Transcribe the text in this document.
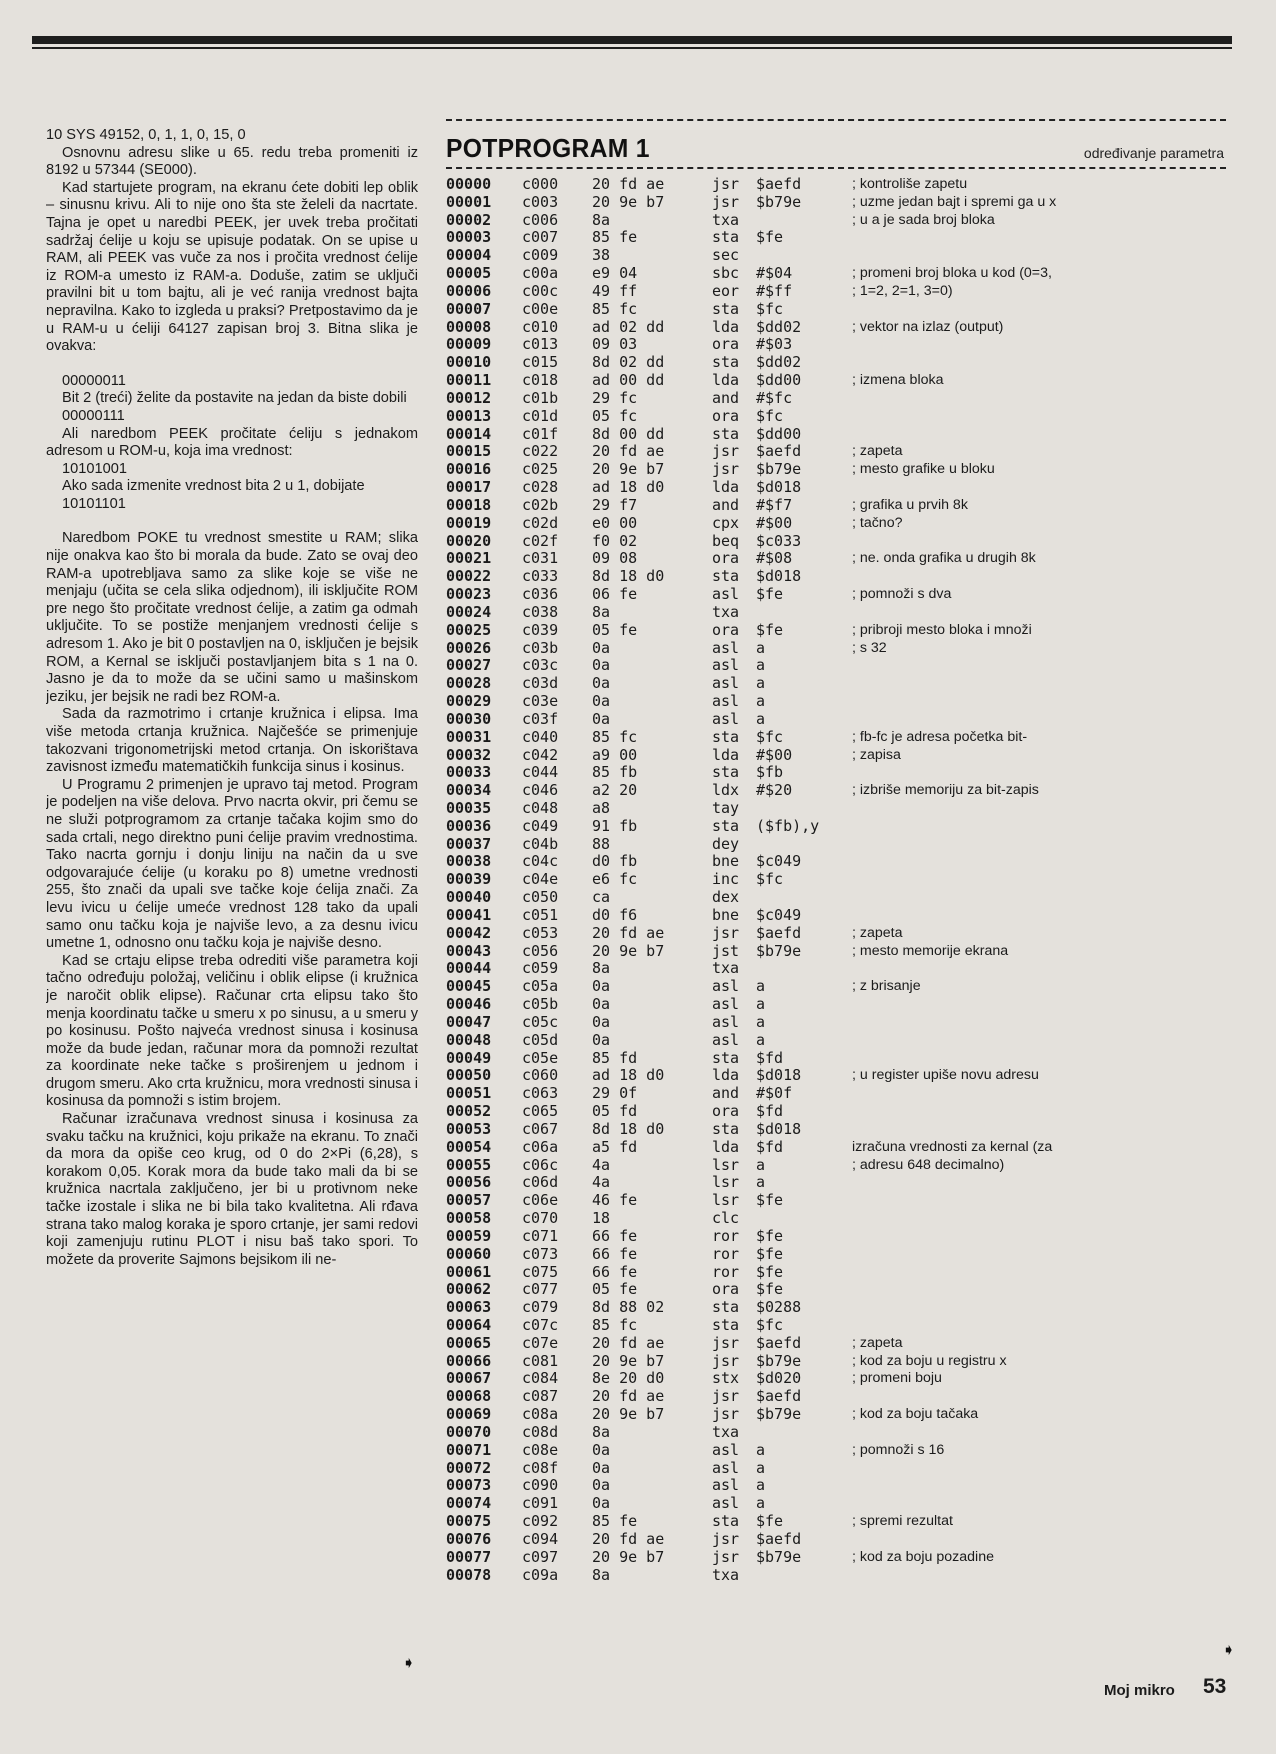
10 SYS 49152, 0, 1, 1, 0, 15, 0

Osnovnu adresu slike u 65. redu treba promeniti iz 8192 u 57344 (SE000).

Kad startujete program, na ekranu ćete dobiti lep oblik – sinusnu krivu. Ali to nije ono šta ste želeli da nacrtate. Tajna je opet u naredbi PEEK, jer uvek treba pročitati sadržaj ćelije u koju se upisuje podatak. On se upise u RAM, ali PEEK vas vuče za nos i pročita vrednost ćelije iz ROM-a umesto iz RAM-a. Doduše, zatim se uključi pravilni bit u tom bajtu, ali je već ranija vrednost bajta nepravilna. Kako to izgleda u praksi? Pretpostavimo da je u RAM-u u ćeliji 64127 zapisan broj 3. Bitna slika je ovakva:

00000011

Bit 2 (treći) želite da postavite na jedan da biste dobili

00000111

Ali naredbom PEEK pročitate ćeliju s jednakom adresom u ROM-u, koja ima vrednost:

10101001

Ako sada izmenite vrednost bita 2 u 1, dobijate

10101101

Naredbom POKE tu vrednost smestite u RAM; slika nije onakva kao što bi morala da bude. Zato se ovaj deo RAM-a upotrebljava samo za slike koje se više ne menjaju (učita se cela slika odjednom), ili isključite ROM pre nego što pročitate vrednost ćelije, a zatim ga odmah uključite. To se postiže menjanjem vrednosti ćelije s adresom 1. Ako je bit 0 postavljen na 0, isključen je bejsik ROM, a Kernal se isključi postavljanjem bita s 1 na 0. Jasno je da to može da se učini samo u mašinskom jeziku, jer bejsik ne radi bez ROM-a.

Sada da razmotrimo i crtanje kružnica i elipsa. Ima više metoda crtanja kružnica. Najčešće se primenjuje takozvani trigonometrijski metod crtanja. On iskorištava zavisnost između matematičkih funkcija sinus i kosinus.

U Programu 2 primenjen je upravo taj metod. Program je podeljen na više delova. Prvo nacrta okvir, pri čemu se ne služi potprogramom za crtanje tačaka kojim smo do sada crtali, nego direktno puni ćelije pravim vrednostima. Tako nacrta gornju i donju liniju na način da u sve odgovarajuće ćelije (u koraku po 8) umetne vrednosti 255, što znači da upali sve tačke koje ćelija znači. Za levu ivicu u ćelije umeće vrednost 128 tako da upali samo onu tačku koja je najviše levo, a za desnu ivicu umetne 1, odnosno onu tačku koja je najviše desno.

Kad se crtaju elipse treba odrediti više parametra koji tačno određuju položaj, veličinu i oblik elipse (i kružnica je naročit oblik elipse). Računar crta elipsu tako što menja koordinatu tačke u smeru x po sinusu, a u smeru y po kosinusu. Pošto najveća vrednost sinusa i kosinusa može da bude jedan, računar mora da pomnoži rezultat za koordinate neke tačke s proširenjem u jednom i drugom smeru. Ako crta kružnicu, mora vrednosti sinusa i kosinusa da pomnoži s istim brojem.

Računar izračunava vrednost sinusa i kosinusa za svaku tačku na kružnici, koju prikaže na ekranu. To znači da mora da opiše ceo krug, od 0 do 2×Pi (6,28), s korakom 0,05. Korak mora da bude tako mali da bi se kružnica nacrtala zaključeno, jer bi u protivnom neke tačke izostale i slika ne bi bila tako kvalitetna. Ali rđava strana tako malog koraka je sporo crtanje, jer sami redovi koji zamenjuju rutinu PLOT i nisu baš tako spori. To možete da proverite Sajmons bejsikom ili ne-

➧
POTPROGRAM 1	određivanje parametra
00000 c000 20 fd ae	jsr $aefd	; kontroliše zapetu
00001 c003 20 9e b7	jsr $b79e	; uzme jedan bajt i spremi ga u x
00002 c006 8a	txa	; u a je sada broj bloka
00003 c007 85 fe	sta $fe
00004 c009 38	sec
00005 c00a e9 04	sbc #$04	; promeni broj bloka u kod (0=3,
00006 c00c 49 ff	eor #$ff	; 1=2, 2=1, 3=0)
00007 c00e 85 fc	sta $fc
00008 c010 ad 02 dd	lda $dd02	; vektor na izlaz (output)
00009 c013 09 03	ora #$03
00010 c015 8d 02 dd	sta $dd02
00011 c018 ad 00 dd	lda $dd00	; izmena bloka
00012 c01b 29 fc	and #$fc
00013 c01d 05 fc	ora $fc
00014 c01f 8d 00 dd	sta $dd00
00015 c022 20 fd ae	jsr $aefd	; zapeta
00016 c025 20 9e b7	jsr $b79e	; mesto grafike u bloku
00017 c028 ad 18 d0	lda $d018
00018 c02b 29 f7	and #$f7	; grafika u prvih 8k
00019 c02d e0 00	cpx #$00	; tačno?
00020 c02f f0 02	beq $c033
00021 c031 09 08	ora #$08	; ne. onda grafika u drugih 8k
00022 c033 8d 18 d0	sta $d018
00023 c036 06 fe	asl $fe	; pomnoži s dva
00024 c038 8a	txa
00025 c039 05 fe	ora $fe	; pribroji mesto bloka i množi
00026 c03b 0a	asl a	; s 32
00027 c03c 0a	asl a
00028 c03d 0a	asl a
00029 c03e 0a	asl a
00030 c03f 0a	asl a
00031 c040 85 fc	sta $fc	; fb-fc je adresa početka bit-
00032 c042 a9 00	lda #$00	; zapisa
00033 c044 85 fb	sta $fb
00034 c046 a2 20	ldx #$20	; izbriše memoriju za bit-zapis
00035 c048 a8	tay
00036 c049 91 fb	sta ($fb),y
00037 c04b 88	dey
00038 c04c d0 fb	bne $c049
00039 c04e e6 fc	inc $fc
00040 c050 ca	dex
00041 c051 d0 f6	bne $c049
00042 c053 20 fd ae	jsr $aefd	; zapeta
00043 c056 20 9e b7	jst $b79e	; mesto memorije ekrana
00044 c059 8a	txa
00045 c05a 0a	asl a	; z brisanje
00046 c05b 0a	asl a
00047 c05c 0a	asl a
00048 c05d 0a	asl a
00049 c05e 85 fd	sta $fd
00050 c060 ad 18 d0	lda $d018	; u register upiše novu adresu
00051 c063 29 0f	and #$0f
00052 c065 05 fd	ora $fd
00053 c067 8d 18 d0	sta $d018
00054 c06a a5 fd	lda $fd	izračuna vrednosti za kernal (za
00055 c06c 4a	lsr a	; adresu 648 decimalno)
00056 c06d 4a	lsr a
00057 c06e 46 fe	lsr $fe
00058 c070 18	clc
00059 c071 66 fe	ror $fe
00060 c073 66 fe	ror $fe
00061 c075 66 fe	ror $fe
00062 c077 05 fe	ora $fe
00063 c079 8d 88 02	sta $0288
00064 c07c 85 fc	sta $fc
00065 c07e 20 fd ae	jsr $aefd	; zapeta
00066 c081 20 9e b7	jsr $b79e	; kod za boju u registru x
00067 c084 8e 20 d0	stx $d020	; promeni boju
00068 c087 20 fd ae	jsr $aefd
00069 c08a 20 9e b7	jsr $b79e	; kod za boju tačaka
00070 c08d 8a	txa
00071 c08e 0a	asl a	; pomnoži s 16
00072 c08f 0a	asl a
00073 c090 0a	asl a
00074 c091 0a	asl a
00075 c092 85 fe	sta $fe	; spremi rezultat
00076 c094 20 fd ae	jsr $aefd
00077 c097 20 9e b7	jsr $b79e	; kod za boju pozadine
00078 c09a 8a	txa
➧
Moj mikro 53
